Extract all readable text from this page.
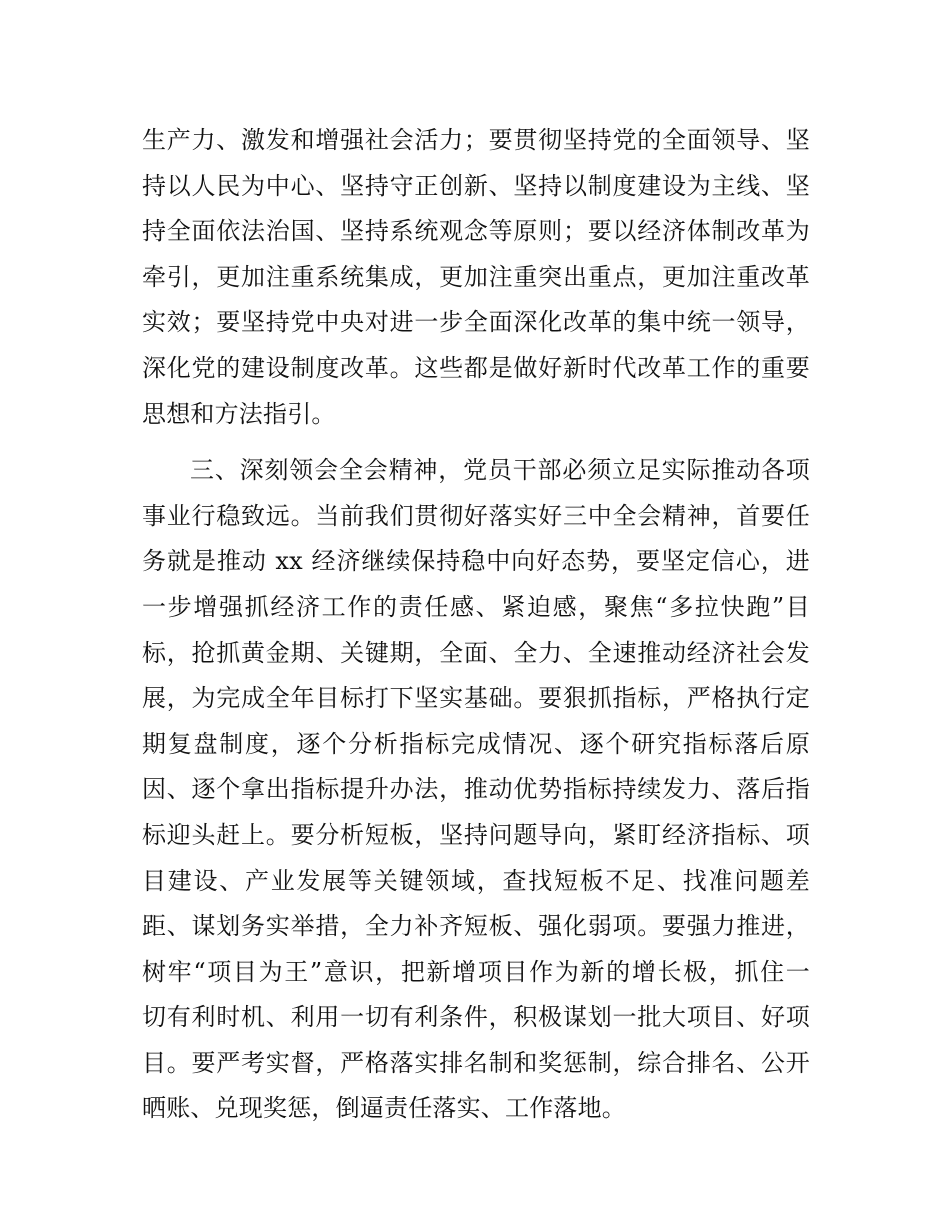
生产力、激发和增强社会活力；要贯彻坚持党的全面领导、坚
持以人民为中心、坚持守正创新、坚持以制度建设为主线、坚
持全面依法治国、坚持系统观念等原则；要以经济体制改革为
牵引，更加注重系统集成，更加注重突出重点，更加注重改革
实效；要坚持党中央对进一步全面深化改革的集中统一领导，
深化党的建设制度改革。这些都是做好新时代改革工作的重要
思想和方法指引。
三、深刻领会全会精神，党员干部必须立足实际推动各项
事业行稳致远。当前我们贯彻好落实好三中全会精神，首要任
务就是推动 xx 经济继续保持稳中向好态势，要坚定信心，进
一步增强抓经济工作的责任感、紧迫感，聚焦“多拉快跑”目
标，抢抓黄金期、关键期，全面、全力、全速推动经济社会发
展，为完成全年目标打下坚实基础。要狠抓指标，严格执行定
期复盘制度，逐个分析指标完成情况、逐个研究指标落后原
因、逐个拿出指标提升办法，推动优势指标持续发力、落后指
标迎头赶上。要分析短板，坚持问题导向，紧盯经济指标、项
目建设、产业发展等关键领域，查找短板不足、找准问题差
距、谋划务实举措，全力补齐短板、强化弱项。要强力推进，
树牢“项目为王”意识，把新增项目作为新的增长极，抓住一
切有利时机、利用一切有利条件，积极谋划一批大项目、好项
目。要严考实督，严格落实排名制和奖惩制，综合排名、公开
晒账、兑现奖惩，倒逼责任落实、工作落地。
